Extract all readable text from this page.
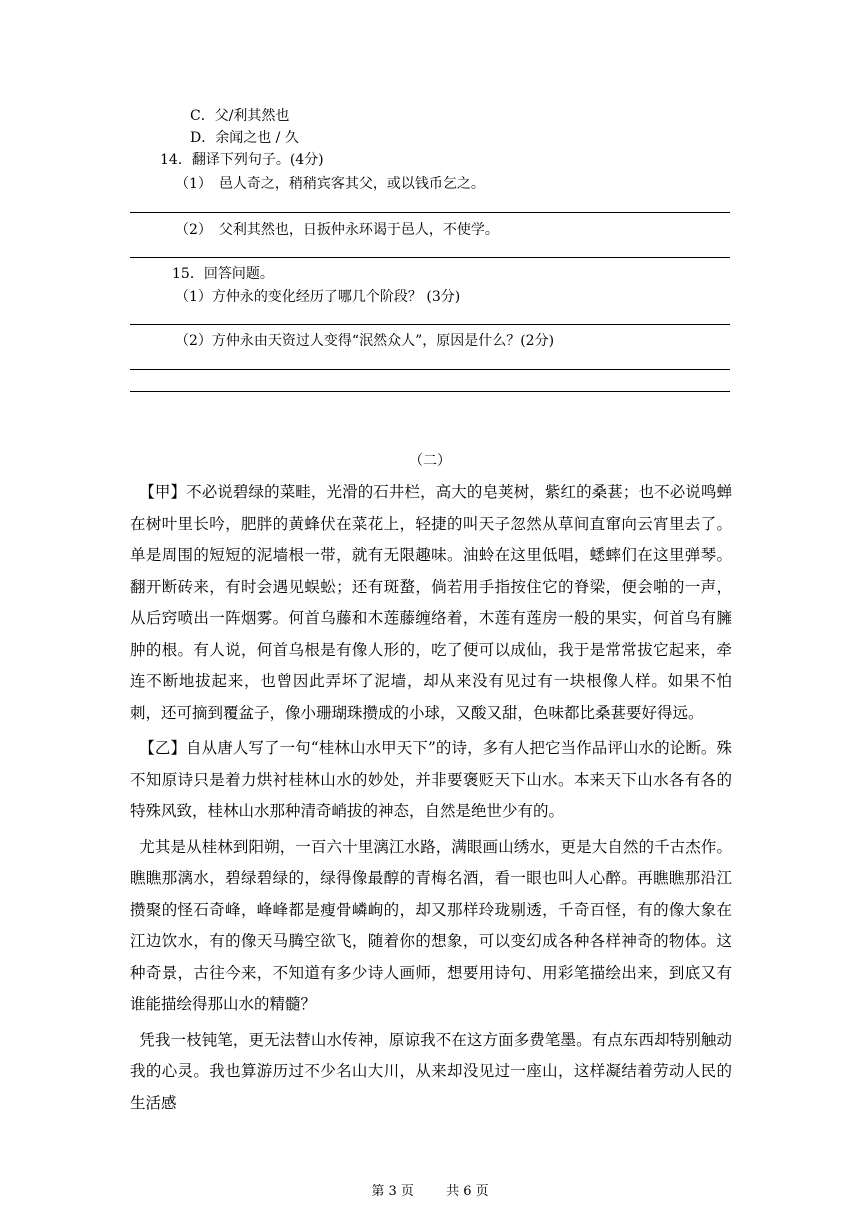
C．父/利其然也
D．余闻之也 / 久
14．翻译下列句子。(4分)
（1）　邑人奇之，稍稍宾客其父，或以钱币乞之。
（2）　父利其然也，日扳仲永环谒于邑人，不使学。
15．回答问题。
（1）方仲永的变化经历了哪几个阶段？ (3分)
（2）方仲永由天资过人变得“泯然众人”，原因是什么？(2分)
（二）

【甲】不必说碧绿的菜畦，光滑的石井栏，高大的皂荚树，紫红的桑葚；也不必说鸣蝉在树叶里长吟，肥胖的黄蜂伏在菜花上，轻捷的叫天子忽然从草间直窜向云宵里去了。单是周围的短短的泥墙根一带，就有无限趣味。油蛉在这里低唱，蟋蟀们在这里弹琴。翻开断砖来，有时会遇见蜈蚣；还有斑蝥，倘若用手指按住它的脊梁，便会啪的一声，从后窍喷出一阵烟雾。何首乌藤和木莲藤缠络着，木莲有莲房一般的果实，何首乌有臃肿的根。有人说，何首乌根是有像人形的，吃了便可以成仙，我于是常常拔它起来，牵连不断地拔起来，也曾因此弄坏了泥墙，却从来没有见过有一块根像人样。如果不怕刺，还可摘到覆盆子，像小珊瑚珠攒成的小球，又酸又甜，色味都比桑葚要好得远。

【乙】自从唐人写了一句“桂林山水甲天下”的诗，多有人把它当作品评山水的论断。殊不知原诗只是着力烘衬桂林山水的妙处，并非要褒贬天下山水。本来天下山水各有各的特殊风致，桂林山水那种清奇峭拔的神态，自然是绝世少有的。

尤其是从桂林到阳朔，一百六十里漓江水路，满眼画山绣水，更是大自然的千古杰作。瞧瞧那漓水，碧绿碧绿的，绿得像最醇的青梅名酒，看一眼也叫人心醉。再瞧瞧那沿江攒聚的怪石奇峰，峰峰都是瘦骨嶙峋的，却又那样玲珑剔透，千奇百怪，有的像大象在江边饮水，有的像天马腾空欲飞，随着你的想象，可以变幻成各种各样神奇的物体。这种奇景，古往今来，不知道有多少诗人画师，想要用诗句、用彩笔描绘出来，到底又有谁能描绘得那山水的精髓？

凭我一枝钝笔，更无法替山水传神，原谅我不在这方面多费笔墨。有点东西却特别触动我的心灵。我也算游历过不少名山大川，从来却没见过一座山，这样凝结着劳动人民的生活感

第 3 页 共 6 页
